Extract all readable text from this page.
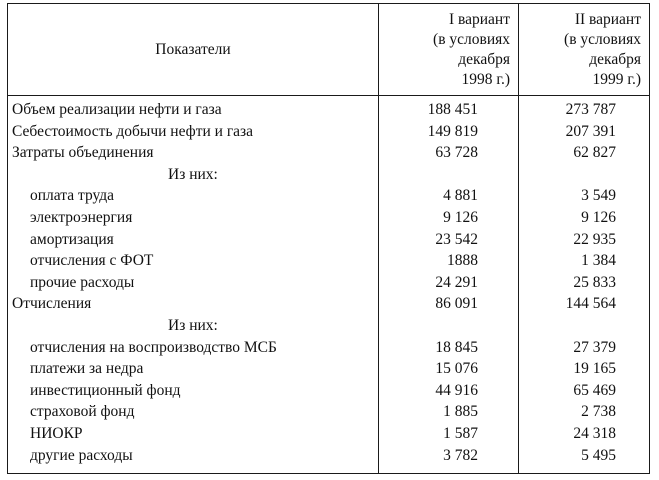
Показатели
I вариант
(в условиях
декабря
1998 г.)
II вариант
(в условиях
декабря
1999 г.)
Объем реализации нефти и газа	188 451	273 787
Себестоимость добычи нефти и газа	149 819	207 391
Затраты объединения	63 728	62 827
Из них:
оплата труда	4 881	3 549
электроэнергия	9 126	9 126
амортизация	23 542	22 935
отчисления с ФОТ	1888	1 384
прочие расходы	24 291	25 833
Отчисления	86 091	144 564
Из них:
отчисления на воспроизводство МСБ	18 845	27 379
платежи за недра	15 076	19 165
инвестиционный фонд	44 916	65 469
страховой фонд	1 885	2 738
НИОКР	1 587	24 318
другие расходы	3 782	5 495
